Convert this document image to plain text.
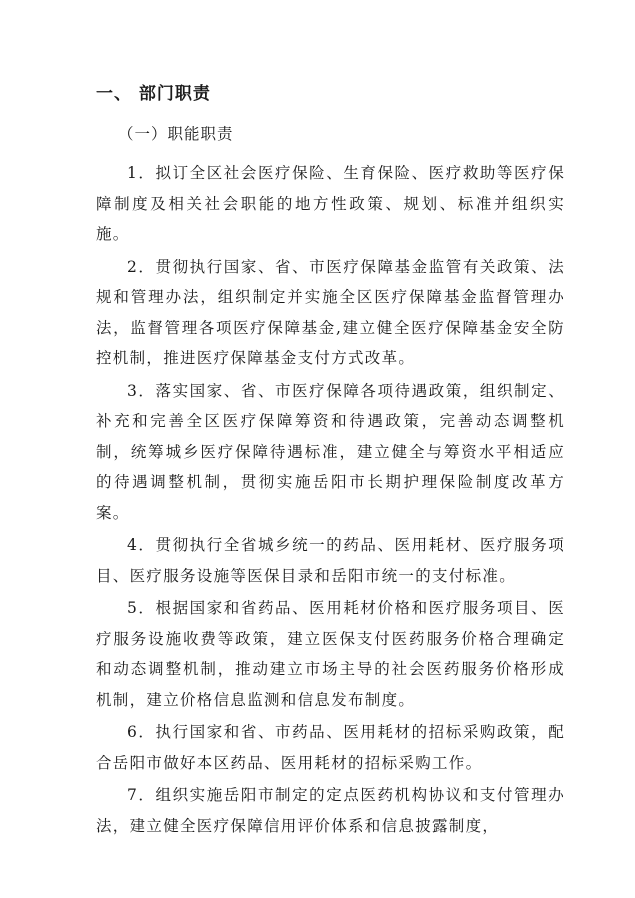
一、 部门职责
（一）职能职责

1．拟订全区社会医疗保险、生育保险、医疗救助等医疗保障制度及相关社会职能的地方性政策、规划、标准并组织实施。

2．贯彻执行国家、省、市医疗保障基金监管有关政策、法规和管理办法，组织制定并实施全区医疗保障基金监督管理办法，监督管理各项医疗保障基金,建立健全医疗保障基金安全防控机制，推进医疗保障基金支付方式改革。

3．落实国家、省、市医疗保障各项待遇政策，组织制定、补充和完善全区医疗保障筹资和待遇政策，完善动态调整机制，统筹城乡医疗保障待遇标准，建立健全与筹资水平相适应的待遇调整机制，贯彻实施岳阳市长期护理保险制度改革方案。

4．贯彻执行全省城乡统一的药品、医用耗材、医疗服务项目、医疗服务设施等医保目录和岳阳市统一的支付标准。

5．根据国家和省药品、医用耗材价格和医疗服务项目、医疗服务设施收费等政策，建立医保支付医药服务价格合理确定和动态调整机制，推动建立市场主导的社会医药服务价格形成机制，建立价格信息监测和信息发布制度。

6．执行国家和省、市药品、医用耗材的招标采购政策，配合岳阳市做好本区药品、医用耗材的招标采购工作。

7．组织实施岳阳市制定的定点医药机构协议和支付管理办法，建立健全医疗保障信用评价体系和信息披露制度，
